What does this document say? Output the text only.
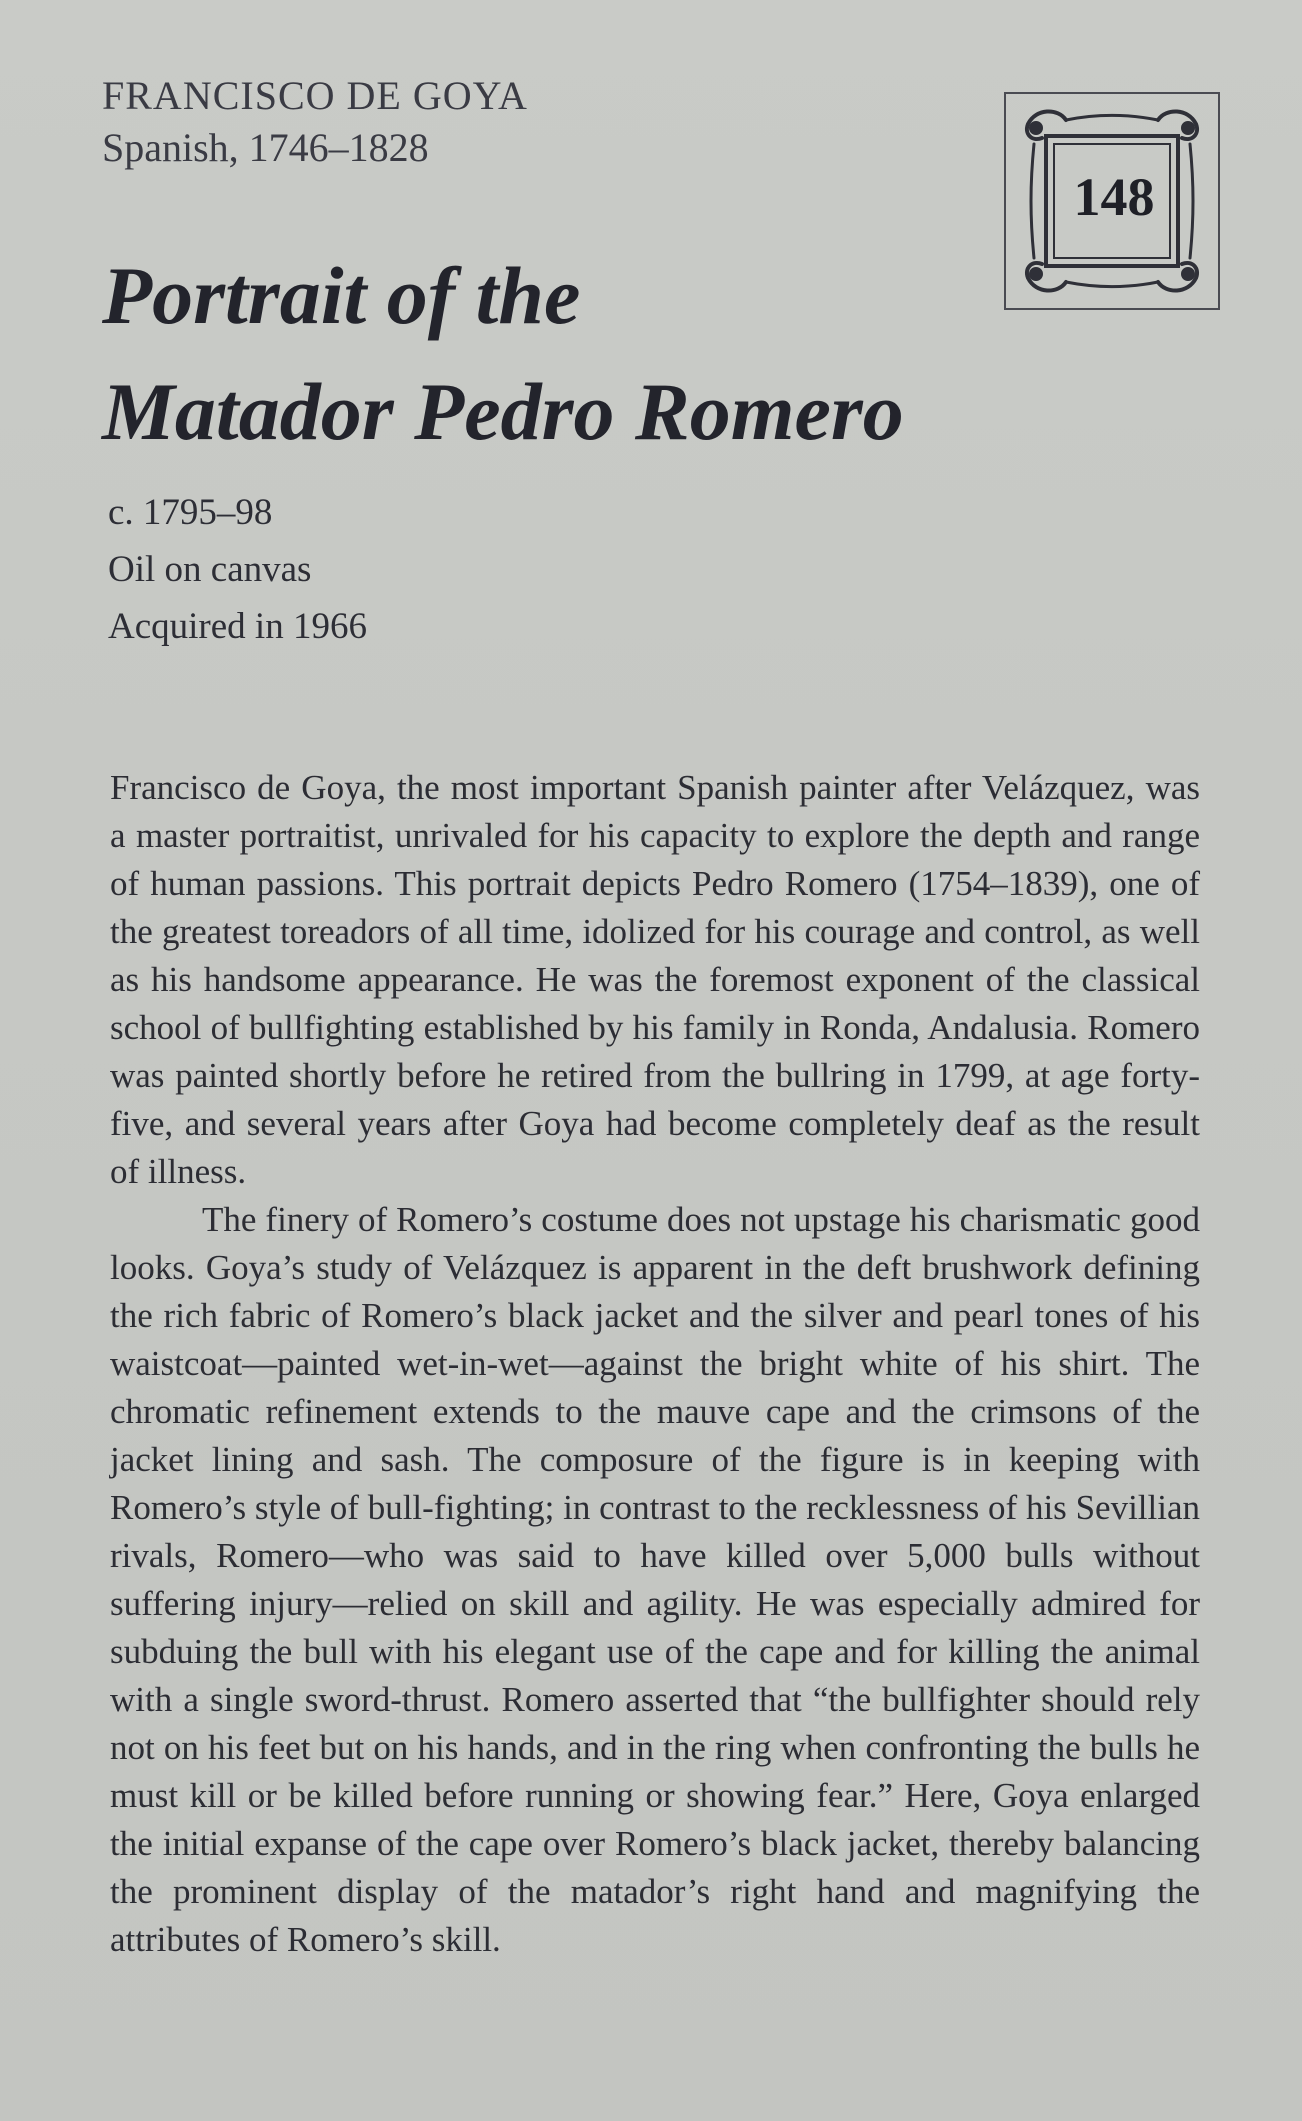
FRANCISCO DE GOYA
Spanish, 1746–1828
148
Portrait of the
Matador Pedro Romero
c. 1795–98
Oil on canvas
Acquired in 1966

Francisco de Goya, the most important Spanish painter after Velázquez, was a master portraitist, unrivaled for his capacity to explore the depth and range of human passions. This portrait depicts Pedro Romero (1754–1839), one of the greatest toreadors of all time, idolized for his courage and control, as well as his handsome appearance. He was the foremost exponent of the classical school of bullfighting established by his family in Ronda, Andalusia. Romero was painted shortly before he retired from the bullring in 1799, at age forty-five, and several years after Goya had become completely deaf as the result of illness.

The finery of Romero’s costume does not upstage his charismatic good looks. Goya’s study of Velázquez is apparent in the deft brushwork defining the rich fabric of Romero’s black jacket and the silver and pearl tones of his waistcoat—painted wet-in-wet—against the bright white of his shirt. The chromatic refinement extends to the mauve cape and the crimsons of the jacket lining and sash. The composure of the figure is in keeping with Romero’s style of bull-fighting; in contrast to the recklessness of his Sevillian rivals, Romero—who was said to have killed over 5,000 bulls without suffering injury—relied on skill and agility. He was especially admired for subduing the bull with his elegant use of the cape and for killing the animal with a single sword-thrust. Romero asserted that “the bullfighter should rely not on his feet but on his hands, and in the ring when confronting the bulls he must kill or be killed before running or showing fear.” Here, Goya enlarged the initial expanse of the cape over Romero’s black jacket, thereby balancing the prominent display of the matador’s right hand and magnifying the attributes of Romero’s skill.
